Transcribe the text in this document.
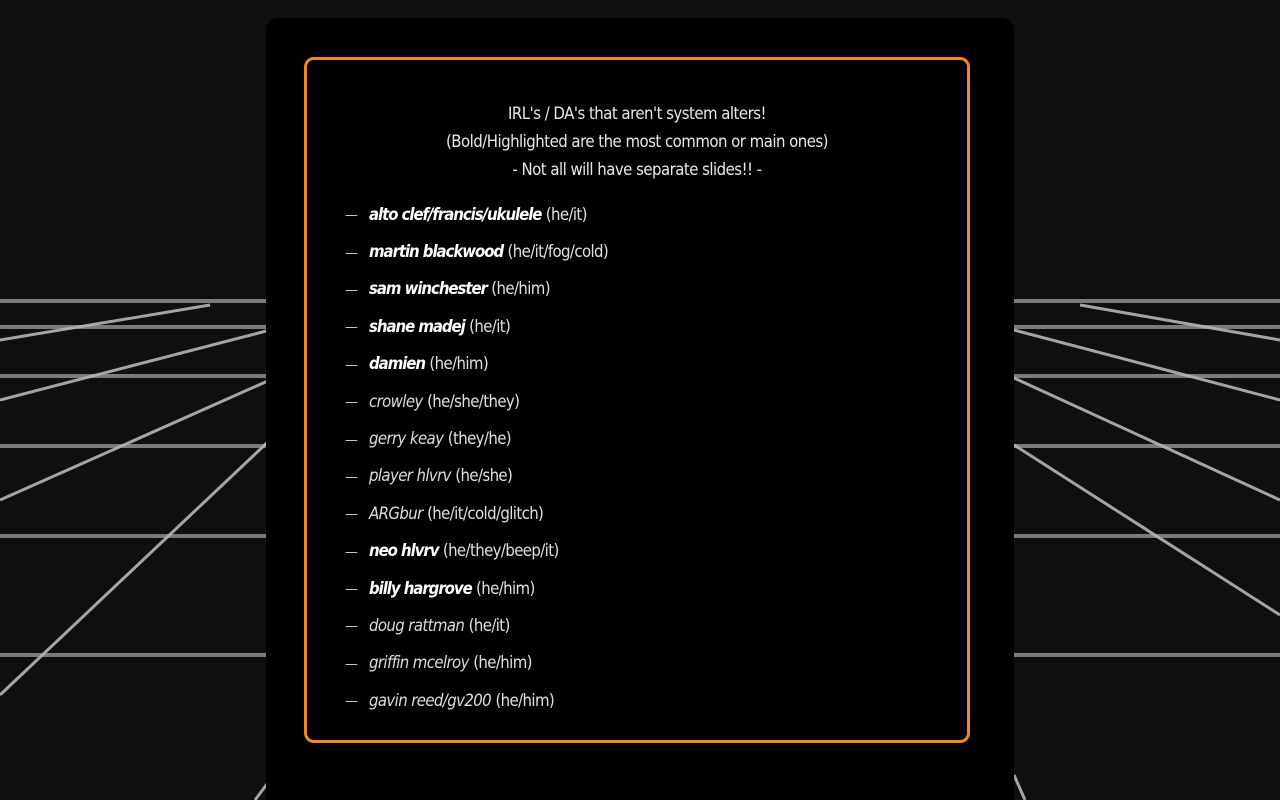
IRL's / DA's that aren't system alters!
(Bold/Highlighted are the most common or main ones)
- Not all will have separate slides!! -
— alto clef/francis/ukulele (he/it)
— martin blackwood (he/it/fog/cold)
— sam winchester (he/him)
— shane madej (he/it)
— damien (he/him)
— crowley (he/she/they)
— gerry keay (they/he)
— player hlvrv (he/she)
— ARGbur (he/it/cold/glitch)
— neo hlvrv (he/they/beep/it)
— billy hargrove (he/him)
— doug rattman (he/it)
— griffin mcelroy (he/him)
— gavin reed/gv200 (he/him)
